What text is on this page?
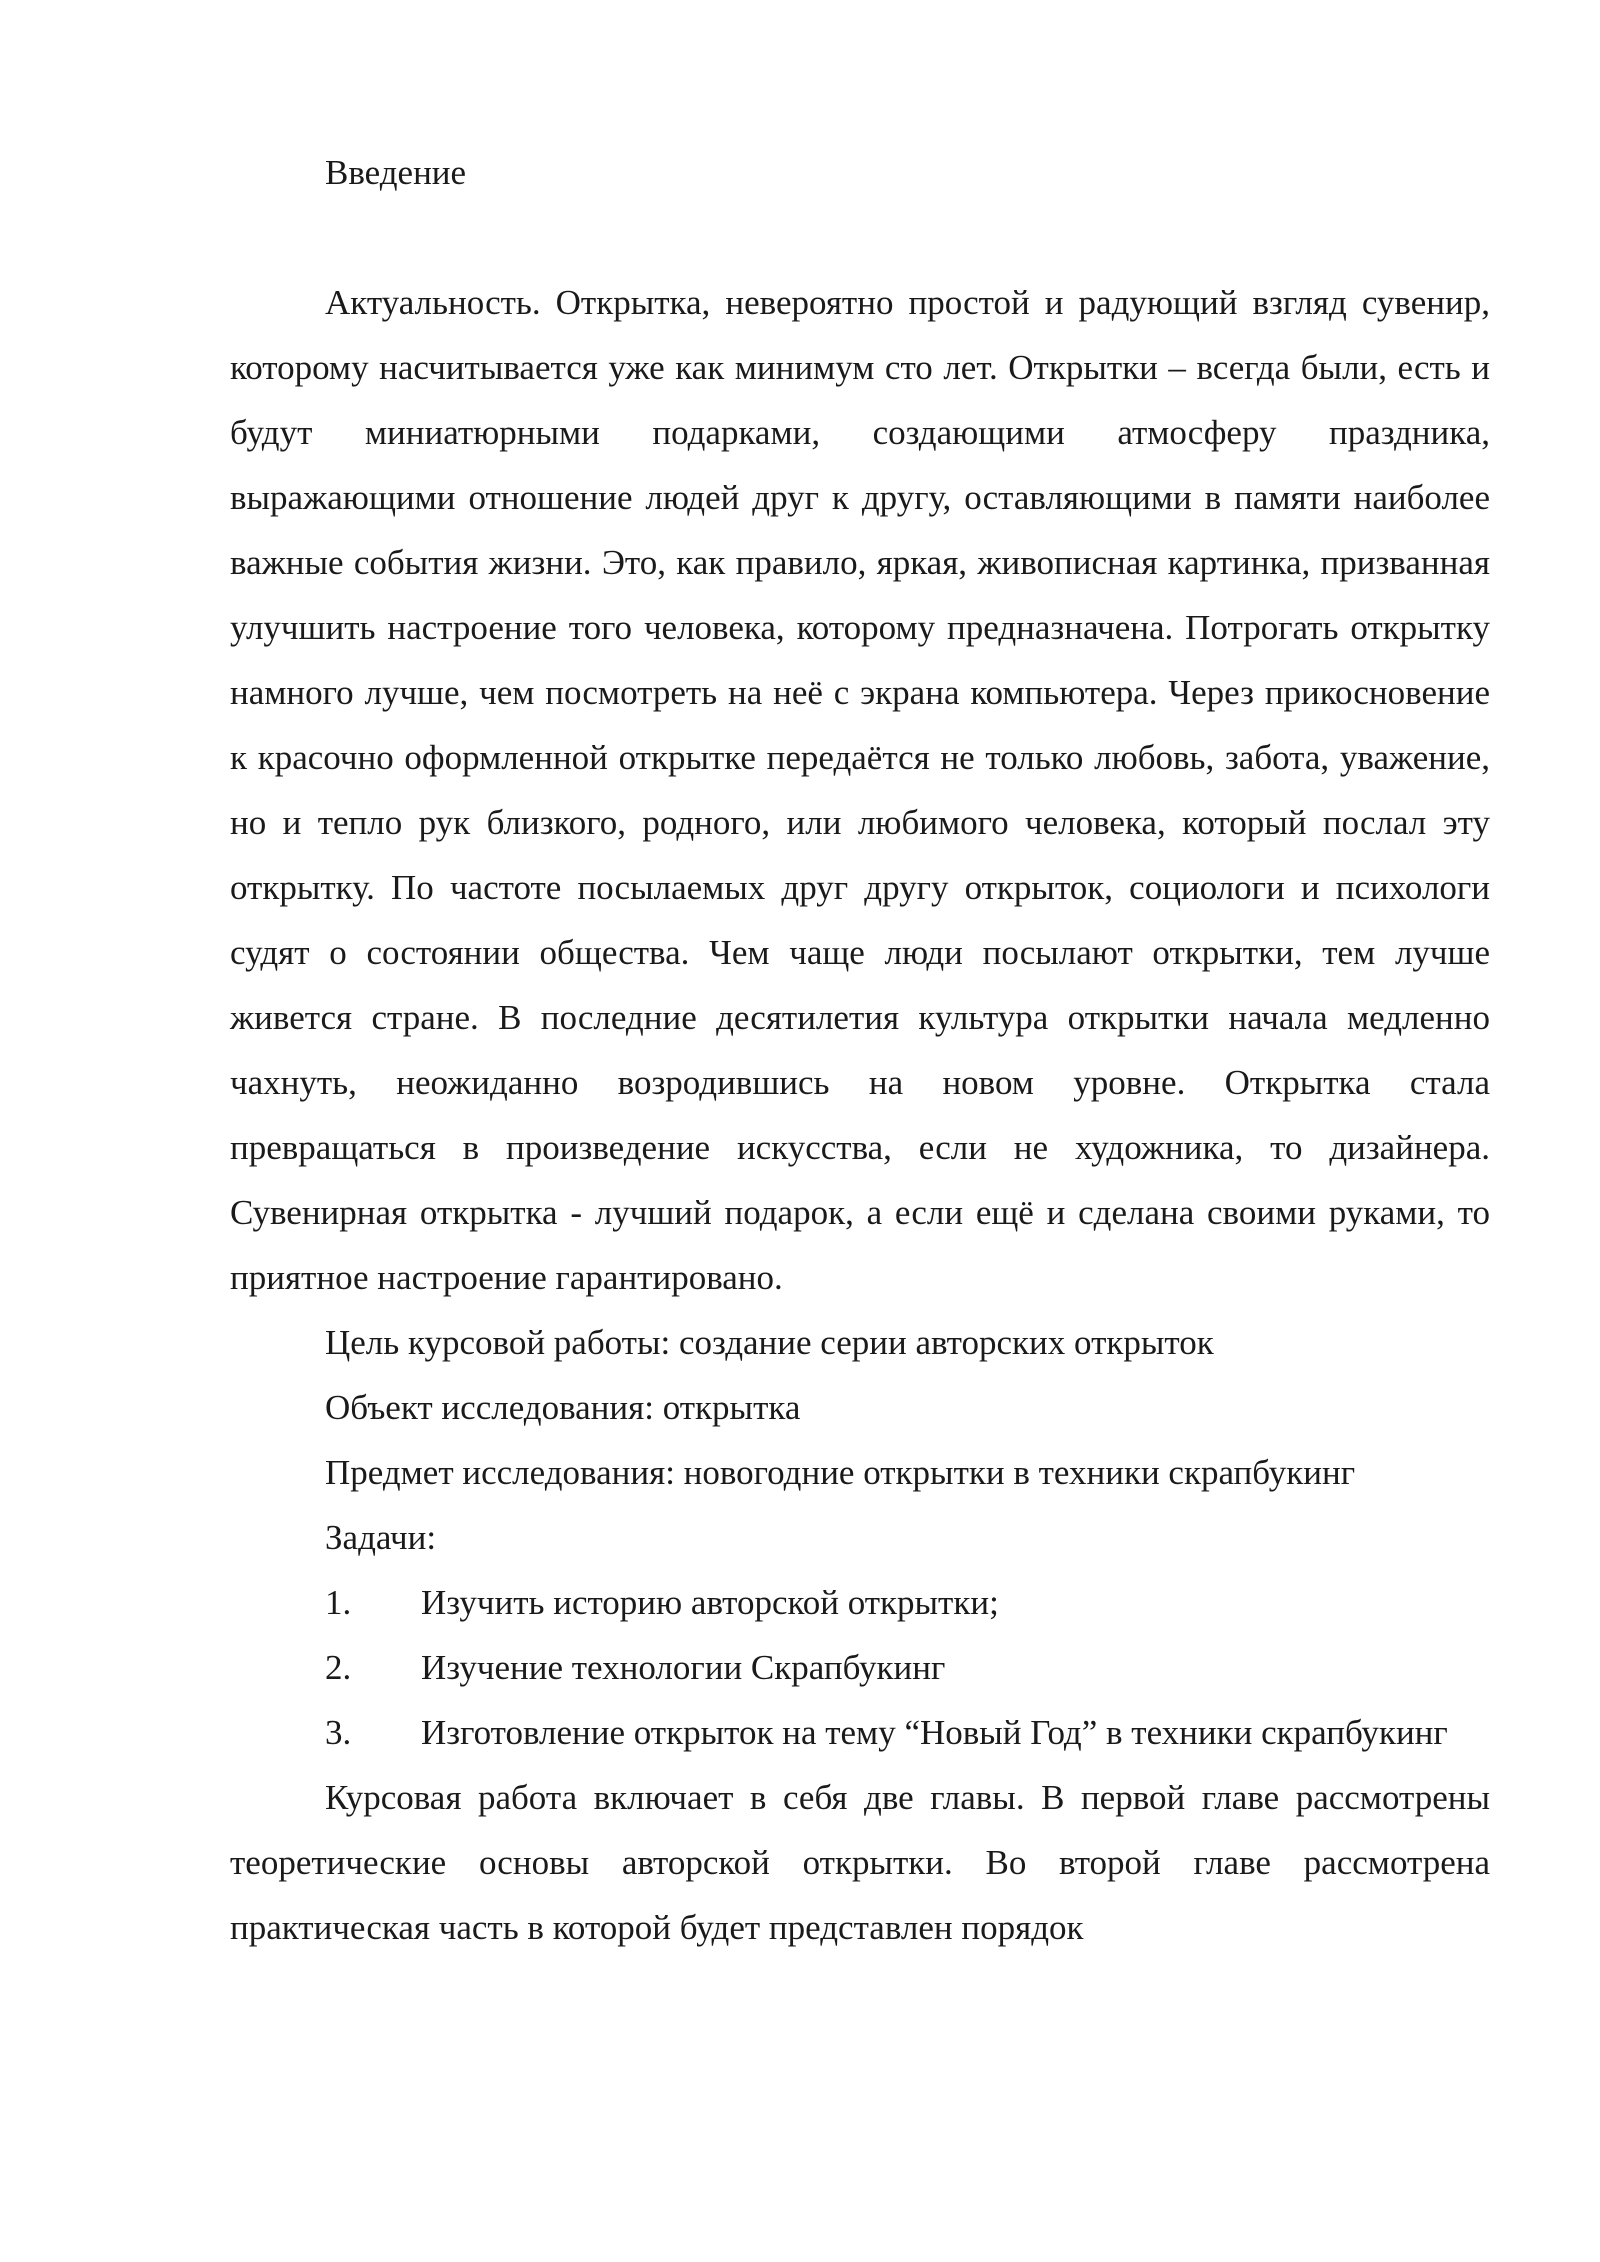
Введение

Актуальность. Открытка, невероятно простой и радующий взгляд сувенир, которому насчитывается уже как минимум сто лет. Открытки – всегда были, есть и будут миниатюрными подарками, создающими атмосферу праздника, выражающими отношение людей друг к другу, оставляющими в памяти наиболее важные события жизни. Это, как правило, яркая, живописная картинка, призванная улучшить настроение того человека, которому предназначена. Потрогать открытку намного лучше, чем посмотреть на неё с экрана компьютера. Через прикосновение к красочно оформленной открытке передаётся не только любовь, забота, уважение, но и тепло рук близкого, родного, или любимого человека, который послал эту открытку. По частоте посылаемых друг другу открыток, социологи и психологи судят о состоянии общества. Чем чаще люди посылают открытки, тем лучше живется стране. В последние десятилетия культура открытки начала медленно чахнуть, неожиданно возродившись на новом уровне. Открытка стала превращаться в произведение искусства, если не художника, то дизайнера. Сувенирная открытка - лучший подарок, а если ещё и сделана своими руками, то приятное настроение гарантировано.

Цель курсовой работы: создание серии авторских открыток

Объект исследования: открытка

Предмет исследования: новогодние открытки в техники скрапбукинг

Задачи:

1. Изучить историю авторской открытки;
2. Изучение технологии Скрапбукинг

3. Изготовление открыток на тему “Новый Год” в техники скрапбукинг

Курсовая работа включает в себя две главы. В первой главе рассмотрены теоретические основы авторской открытки. Во второй главе рассмотрена практическая часть в которой будет представлен порядок
